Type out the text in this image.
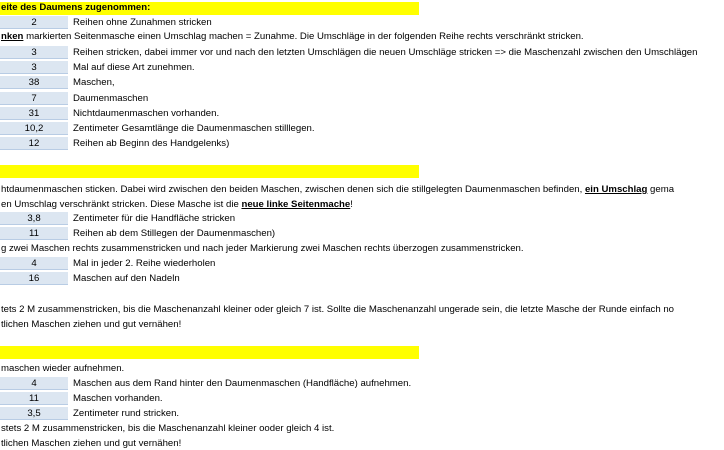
eite des Daumens zugenommen:
2	Reihen ohne Zunahmen stricken
nken markierten Seitenmasche einen Umschlag machen = Zunahme. Die Umschläge in der folgenden Reihe rechts verschränkt stricken.
3	Reihen stricken, dabei immer vor und nach den letzten Umschlägen die neuen Umschläge stricken => die Maschenzahl zwischen den Umschlägen
3	Mal auf diese Art zunehmen.
38	Maschen,
7	Daumenmaschen
31	Nichtdaumenmaschen vorhanden.
10,2	Zentimeter Gesamtlänge die Daumenmaschen stilllegen.
12	Reihen ab Beginn des Handgelenks)
htdaumenmaschen sticken. Dabei wird zwischen den beiden Maschen, zwischen denen sich die stillgelegten Daumenmaschen befinden, ein Umschlag gema
en Umschlag verschränkt stricken. Diese Masche ist die neue linke Seitenmache!
3,8	Zentimeter für die Handfläche stricken
11	Reihen ab dem Stillegen der Daumenmaschen)
g zwei Maschen rechts zusammenstricken und nach jeder Markierung zwei Maschen rechts überzogen zusammenstricken.
4	Mal in jeder 2. Reihe wiederholen
16	Maschen auf den Nadeln
tets 2 M zusammenstricken, bis die Maschenanzahl kleiner oder gleich 7 ist. Sollte die Maschenanzahl ungerade sein, die letzte Masche der Runde einfach no
tlichen Maschen ziehen und gut vernähen!
maschen wieder aufnehmen.
4	Maschen aus dem Rand hinter den Daumenmaschen (Handfläche) aufnehmen.
11	Maschen vorhanden.
3,5	Zentimeter rund stricken.
stets 2 M zusammenstricken, bis die Maschenanzahl kleiner ooder gleich 4 ist.
tlichen Maschen ziehen und gut vernähen!
